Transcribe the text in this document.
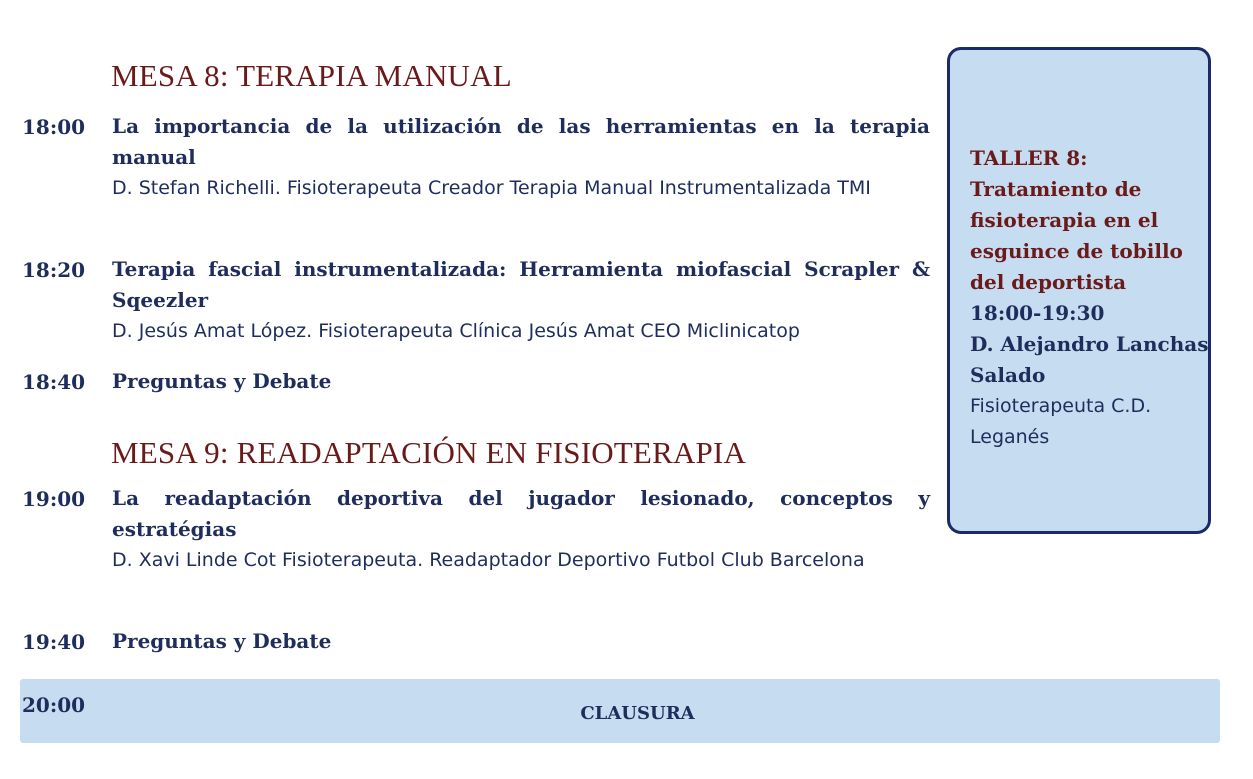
MESA 8: TERAPIA MANUAL
18:00 La importancia de la utilización de las herramientas en la terapia manual
D. Stefan Richelli. Fisioterapeuta Creador Terapia Manual Instrumentalizada TMI
18:20 Terapia fascial instrumentalizada: Herramienta miofascial Scrapler & Sqeezler
D. Jesús Amat López. Fisioterapeuta Clínica Jesús Amat CEO Miclinicatop
18:40 Preguntas y Debate
MESA 9: READAPTACIÓN EN FISIOTERAPIA
19:00 La readaptación deportiva del jugador lesionado, conceptos y estratégias
D. Xavi Linde Cot Fisioterapeuta. Readaptador Deportivo Futbol Club Barcelona
19:40 Preguntas y Debate
TALLER 8: Tratamiento de fisioterapia en el esguince de tobillo del deportista
18:00-19:30
D. Alejandro Lanchas Salado
Fisioterapeuta C.D. Leganés
20:00	CLAUSURA
